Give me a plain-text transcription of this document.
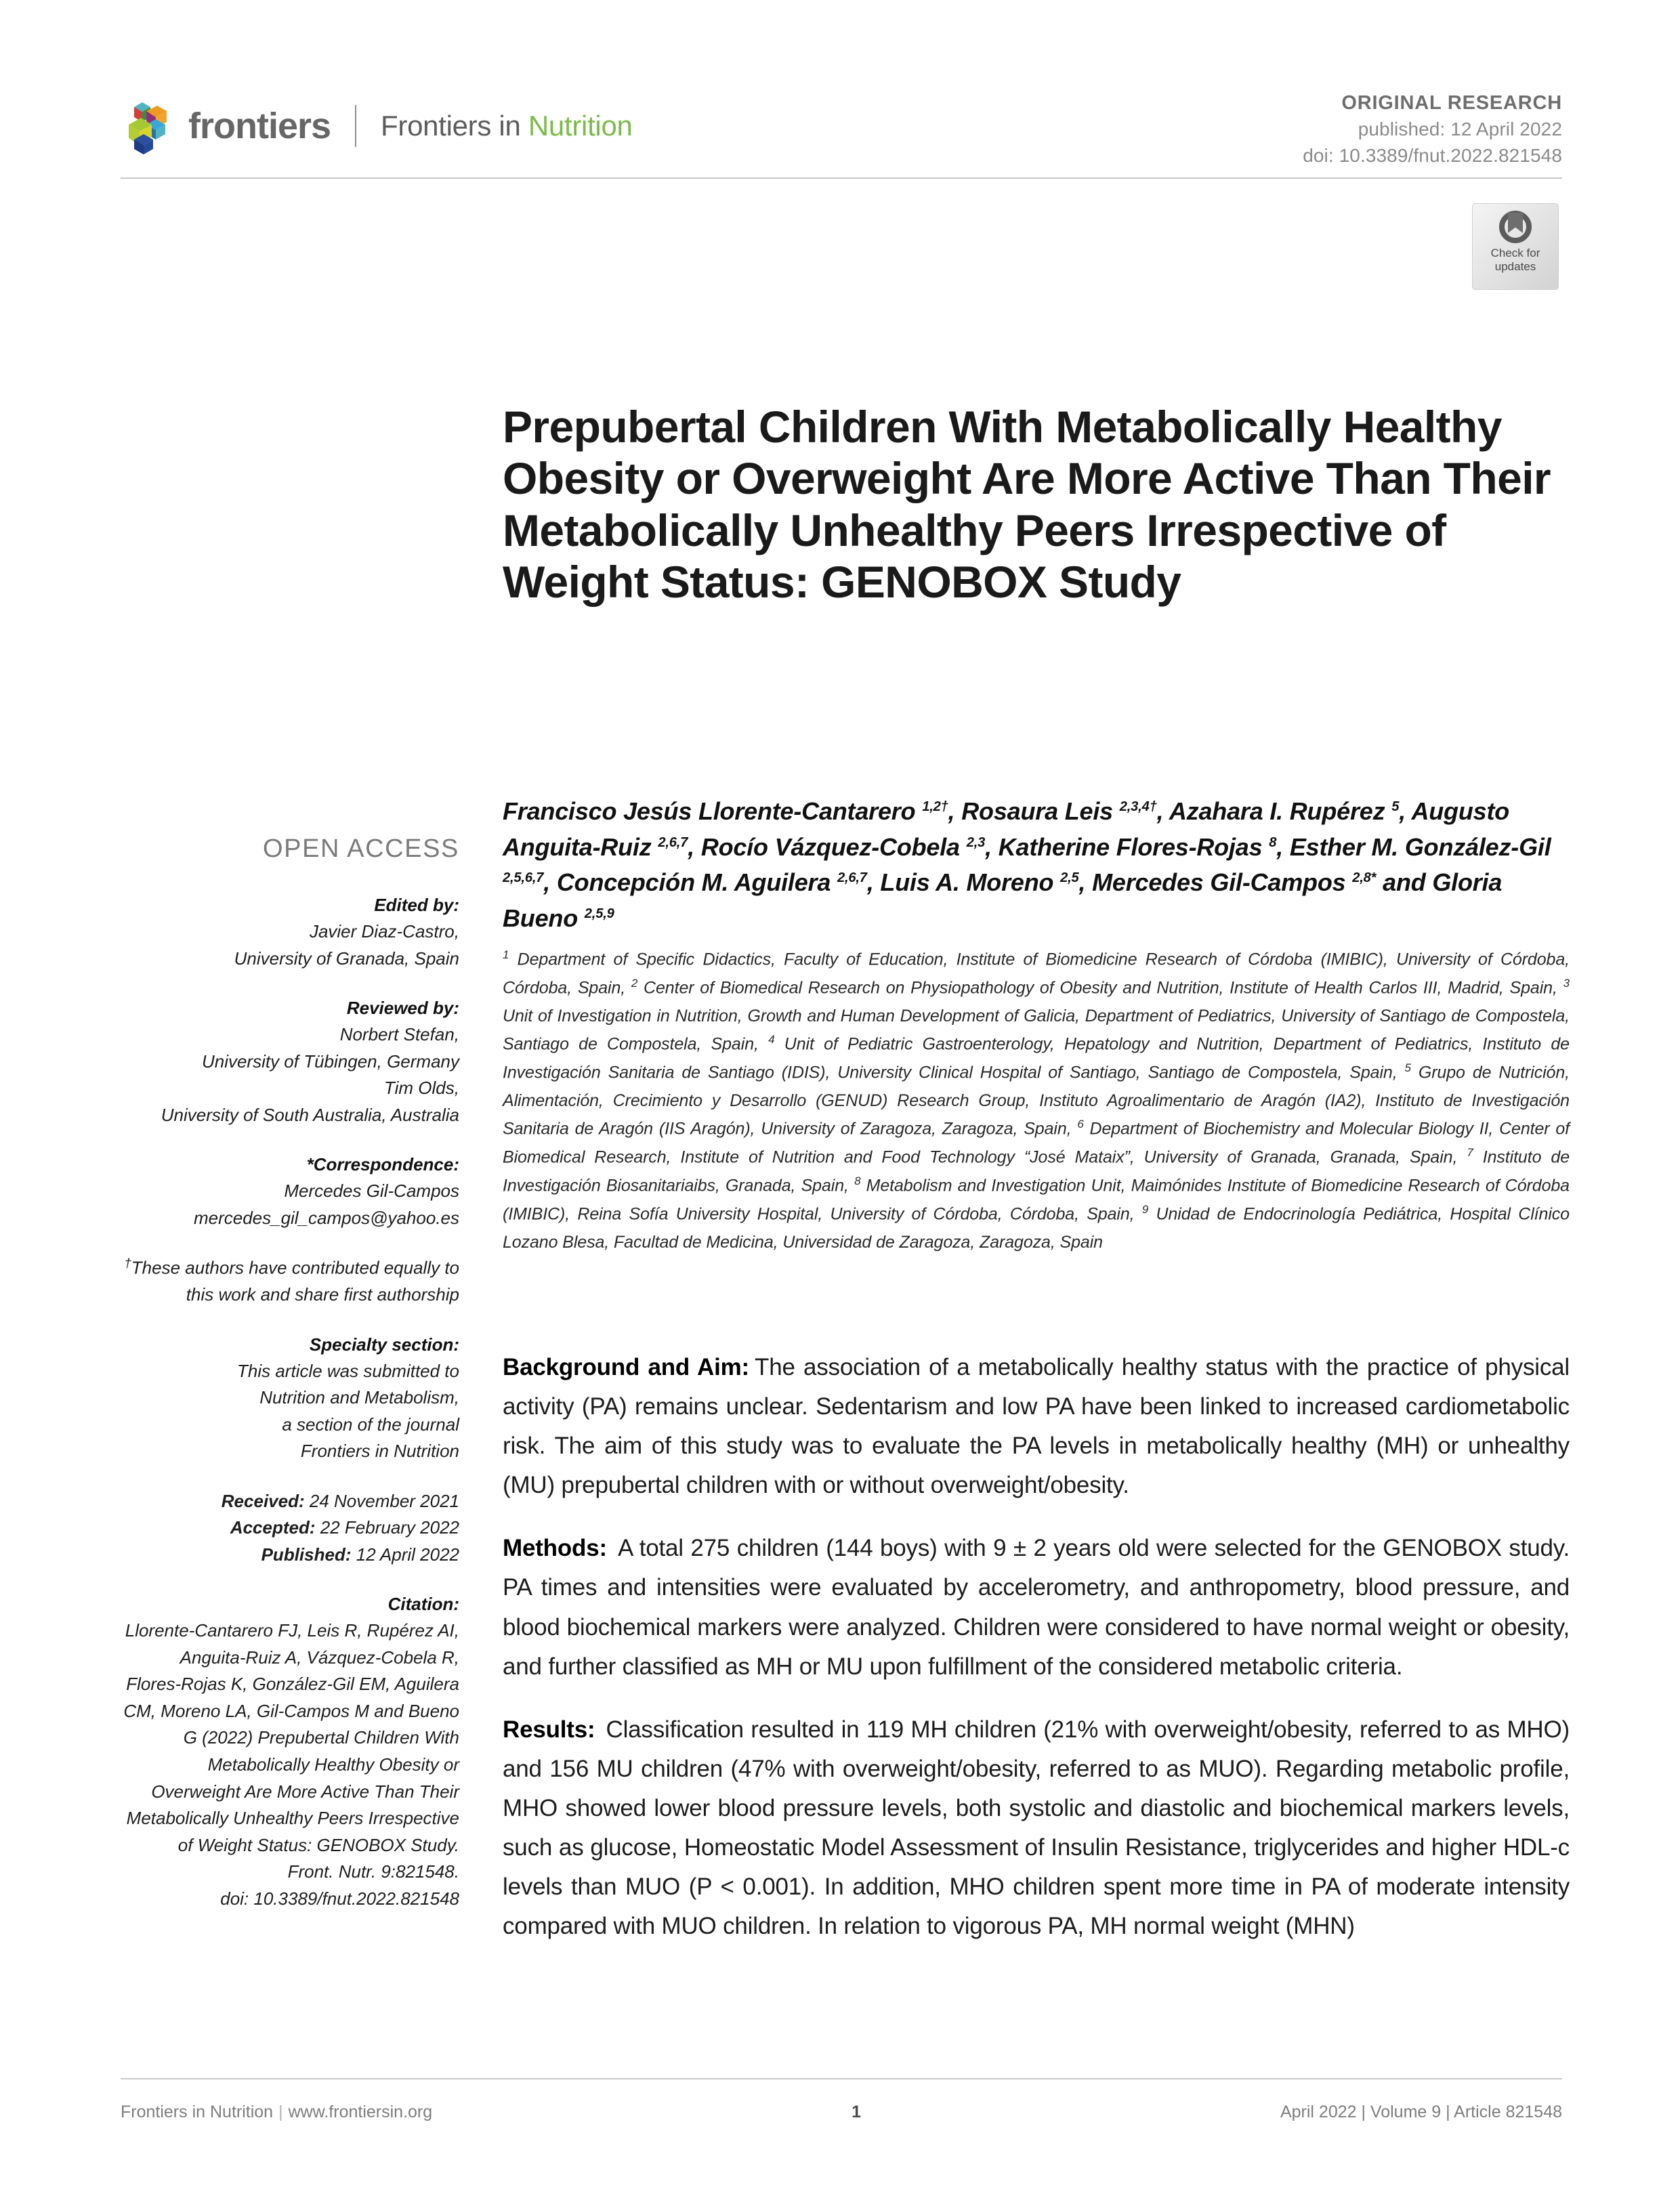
frontiers Frontiers in Nutrition
ORIGINAL RESEARCH
published: 12 April 2022
doi: 10.3389/fnut.2022.821548
Check for
updates
Prepubertal Children With Metabolically Healthy Obesity or Overweight Are More Active Than Their Metabolically Unhealthy Peers Irrespective of Weight Status: GENOBOX Study
Francisco Jesús Llorente-Cantarero $^{1,2\dagger}$, Rosaura Leis $^{2,3,4\dagger}$, Azahara I. Rupérez $^5$, Augusto Anguita-Ruiz $^{2,6,7}$, Rocío Vázquez-Cobela $^{2,3}$, Katherine Flores-Rojas $^8$, Esther M. González-Gil $^{2,5,6,7}$, Concepción M. Aguilera $^{2,6,7}$, Luis A. Moreno $^{2,5}$, Mercedes Gil-Campos $^{2,8*}$ and Gloria Bueno $^{2,5,9}$
$^1$ Department of Specific Didactics, Faculty of Education, Institute of Biomedicine Research of Córdoba (IMIBIC), University of Córdoba, Córdoba, Spain, $^2$ Center of Biomedical Research on Physiopathology of Obesity and Nutrition, Institute of Health Carlos III, Madrid, Spain, $^3$ Unit of Investigation in Nutrition, Growth and Human Development of Galicia, Department of Pediatrics, University of Santiago de Compostela, Santiago de Compostela, Spain, $^4$ Unit of Pediatric Gastroenterology, Hepatology and Nutrition, Department of Pediatrics, Instituto de Investigación Sanitaria de Santiago (IDIS), University Clinical Hospital of Santiago, Santiago de Compostela, Spain, $^5$ Grupo de Nutrición, Alimentación, Crecimiento y Desarrollo (GENUD) Research Group, Instituto Agroalimentario de Aragón (IA2), Instituto de Investigación Sanitaria de Aragón (IIS Aragón), University of Zaragoza, Zaragoza, Spain, $^6$ Department of Biochemistry and Molecular Biology II, Center of Biomedical Research, Institute of Nutrition and Food Technology “José Mataix”, University of Granada, Granada, Spain, $^7$ Instituto de Investigación Biosanitariaibs, Granada, Spain, $^8$ Metabolism and Investigation Unit, Maimónides Institute of Biomedicine Research of Córdoba (IMIBIC), Reina Sofía University Hospital, University of Córdoba, Córdoba, Spain, $^9$ Unidad de Endocrinología Pediátrica, Hospital Clínico Lozano Blesa, Facultad de Medicina, Universidad de Zaragoza, Zaragoza, Spain

Background and Aim: The association of a metabolically healthy status with the practice of physical activity (PA) remains unclear. Sedentarism and low PA have been linked to increased cardiometabolic risk. The aim of this study was to evaluate the PA levels in metabolically healthy (MH) or unhealthy (MU) prepubertal children with or without overweight/obesity.

Methods: A total 275 children (144 boys) with 9 ± 2 years old were selected for the GENOBOX study. PA times and intensities were evaluated by accelerometry, and anthropometry, blood pressure, and blood biochemical markers were analyzed. Children were considered to have normal weight or obesity, and further classified as MH or MU upon fulfillment of the considered metabolic criteria.

Results: Classification resulted in 119 MH children (21% with overweight/obesity, referred to as MHO) and 156 MU children (47% with overweight/obesity, referred to as MUO). Regarding metabolic profile, MHO showed lower blood pressure levels, both systolic and diastolic and biochemical markers levels, such as glucose, Homeostatic Model Assessment of Insulin Resistance, triglycerides and higher HDL-c levels than MUO (P < 0.001). In addition, MHO children spent more time in PA of moderate intensity compared with MUO children. In relation to vigorous PA, MH normal weight (MHN)

OPEN ACCESS
Edited by:
Javier Diaz-Castro,
University of Granada, Spain
Reviewed by:
Norbert Stefan,
University of Tübingen, Germany
Tim Olds,
University of South Australia, Australia
*Correspondence:
Mercedes Gil-Campos
mercedes_gil_campos@yahoo.es
†These authors have contributed equally to this work and share first authorship
Specialty section:
This article was submitted to
Nutrition and Metabolism,
a section of the journal
Frontiers in Nutrition
Received: 24 November 2021
Accepted: 22 February 2022
Published: 12 April 2022
Citation:
Llorente-Cantarero FJ, Leis R, Rupérez AI, Anguita-Ruiz A, Vázquez-Cobela R, Flores-Rojas K, González-Gil EM, Aguilera CM, Moreno LA, Gil-Campos M and Bueno G (2022) Prepubertal Children With Metabolically Healthy Obesity or Overweight Are More Active Than Their Metabolically Unhealthy Peers Irrespective of Weight Status: GENOBOX Study.
Front. Nutr. 9:821548.
doi: 10.3389/fnut.2022.821548
Frontiers in Nutrition | www.frontiersin.org	1	April 2022 | Volume 9 | Article 821548
